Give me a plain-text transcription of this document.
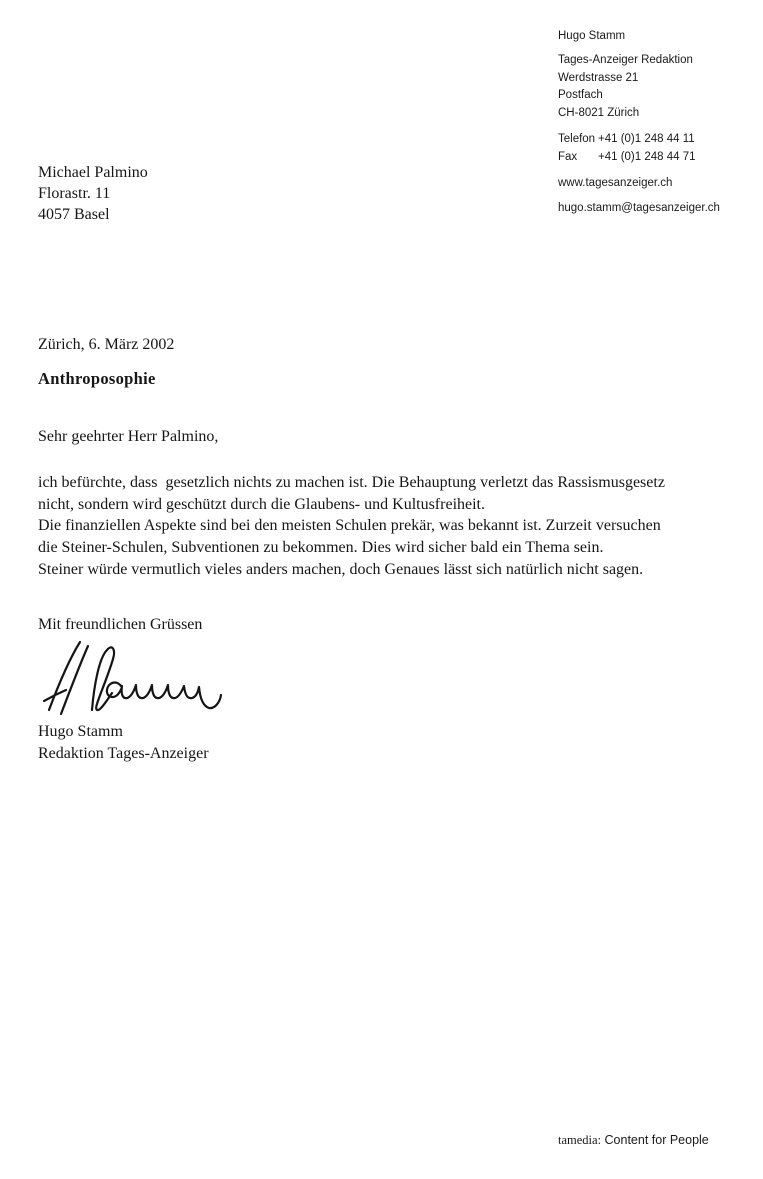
Hugo Stamm
Tages-Anzeiger Redaktion
Werdstrasse 21
Postfach
CH-8021 Zürich
Telefon +41 (0)1 248 44 11
Fax +41 (0)1 248 44 71
www.tagesanzeiger.ch
hugo.stamm@tagesanzeiger.ch
Michael Palmino
Florastr. 11
4057 Basel
Zürich, 6. März 2002
Anthroposophie
Sehr geehrter Herr Palmino,
ich befürchte, dass  gesetzlich nichts zu machen ist. Die Behauptung verletzt das Rassismusgesetz
nicht, sondern wird geschützt durch die Glaubens- und Kultusfreiheit.
Die finanziellen Aspekte sind bei den meisten Schulen prekär, was bekannt ist. Zurzeit versuchen
die Steiner-Schulen, Subventionen zu bekommen. Dies wird sicher bald ein Thema sein.
Steiner würde vermutlich vieles anders machen, doch Genaues lässt sich natürlich nicht sagen.
Mit freundlichen Grüssen
Hugo Stamm
Redaktion Tages-Anzeiger
tamedia: Content for People
